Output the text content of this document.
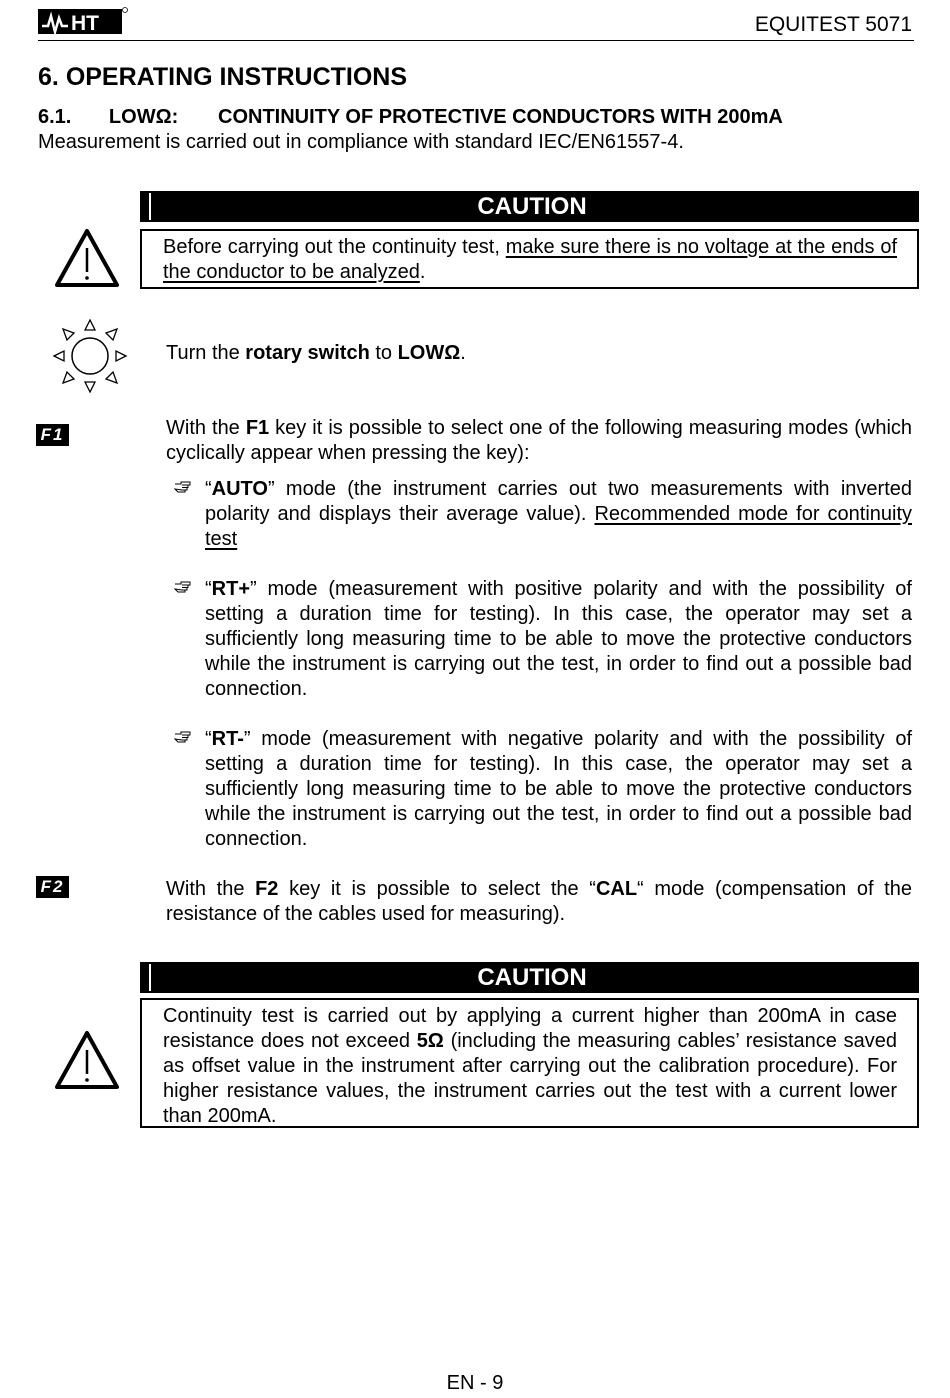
HT	EQUITEST 5071
6. OPERATING INSTRUCTIONS
6.1. LOWΩ: CONTINUITY OF PROTECTIVE CONDUCTORS WITH 200mA
Measurement is carried out in compliance with standard IEC/EN61557-4.
CAUTION
Before carrying out the continuity test, make sure there is no voltage at the ends of the conductor to be analyzed.
Turn the rotary switch to LOWΩ.
F1	With the F1 key it is possible to select one of the following measuring modes (which cyclically appear when pressing the key):
“AUTO” mode (the instrument carries out two measurements with inverted polarity and displays their average value). Recommended mode for continuity test
“RT+” mode (measurement with positive polarity and with the possibility of setting a duration time for testing). In this case, the operator may set a sufficiently long measuring time to be able to move the protective conductors while the instrument is carrying out the test, in order to find out a possible bad connection.
“RT-” mode (measurement with negative polarity and with the possibility of setting a duration time for testing). In this case, the operator may set a sufficiently long measuring time to be able to move the protective conductors while the instrument is carrying out the test, in order to find out a possible bad connection.
F2	With the F2 key it is possible to select the “CAL“ mode (compensation of the resistance of the cables used for measuring).
CAUTION
Continuity test is carried out by applying a current higher than 200mA in case resistance does not exceed 5Ω (including the measuring cables’ resistance saved as offset value in the instrument after carrying out the calibration procedure). For higher resistance values, the instrument carries out the test with a current lower than 200mA.
EN - 9
